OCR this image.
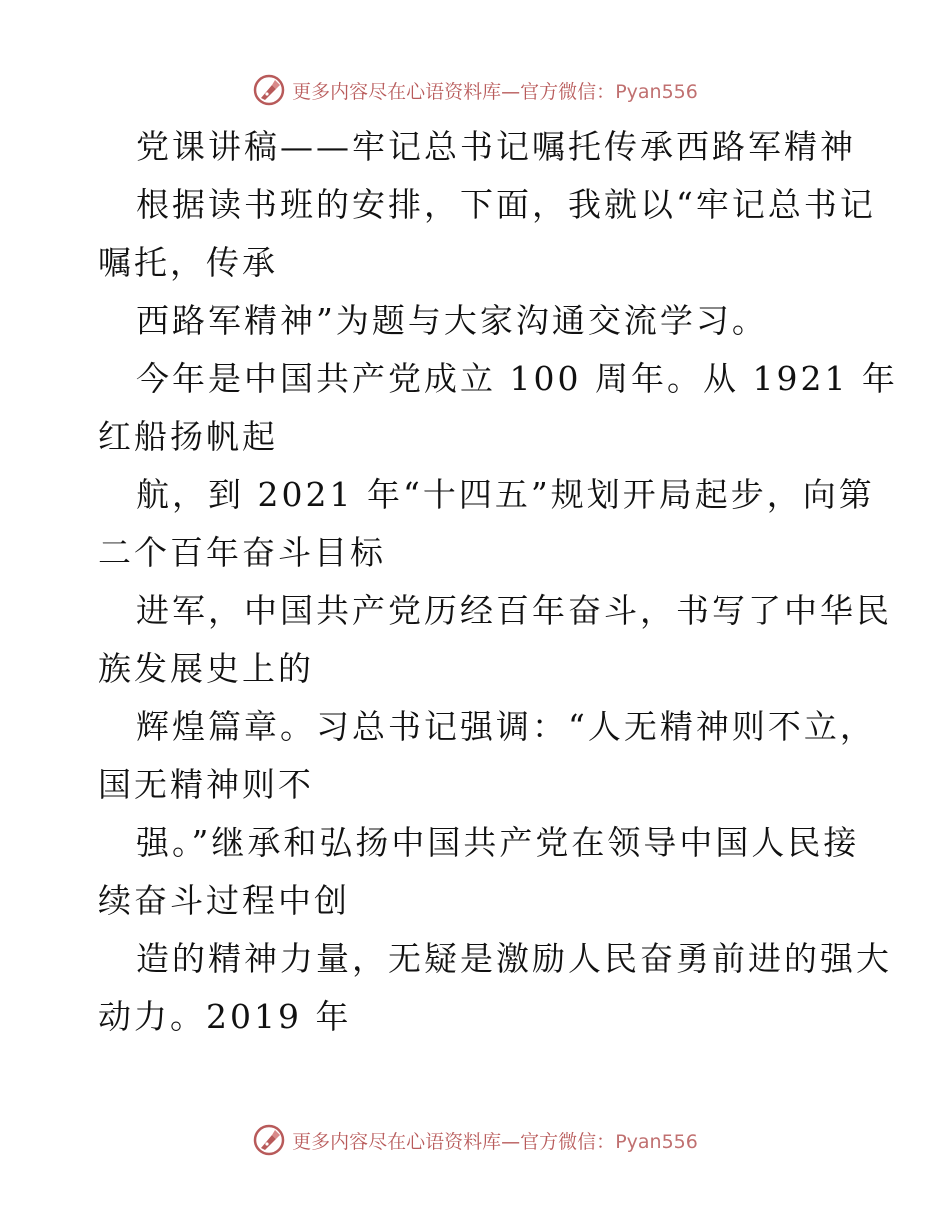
更多内容尽在心语资料库—官方微信：Pyan556
党课讲稿——牢记总书记嘱托传承西路军精神
根据读书班的安排，下面，我就以“牢记总书记
嘱托，传承
西路军精神”为题与大家沟通交流学习。
今年是中国共产党成立 100 周年。从 1921 年
红船扬帆起
航，到 2021 年“十四五”规划开局起步，向第
二个百年奋斗目标
进军，中国共产党历经百年奋斗，书写了中华民
族发展史上的
辉煌篇章。习总书记强调：“人无精神则不立，
国无精神则不
强。”继承和弘扬中国共产党在领导中国人民接
续奋斗过程中创
造的精神力量，无疑是激励人民奋勇前进的强大
动力。2019 年
更多内容尽在心语资料库—官方微信：Pyan556
